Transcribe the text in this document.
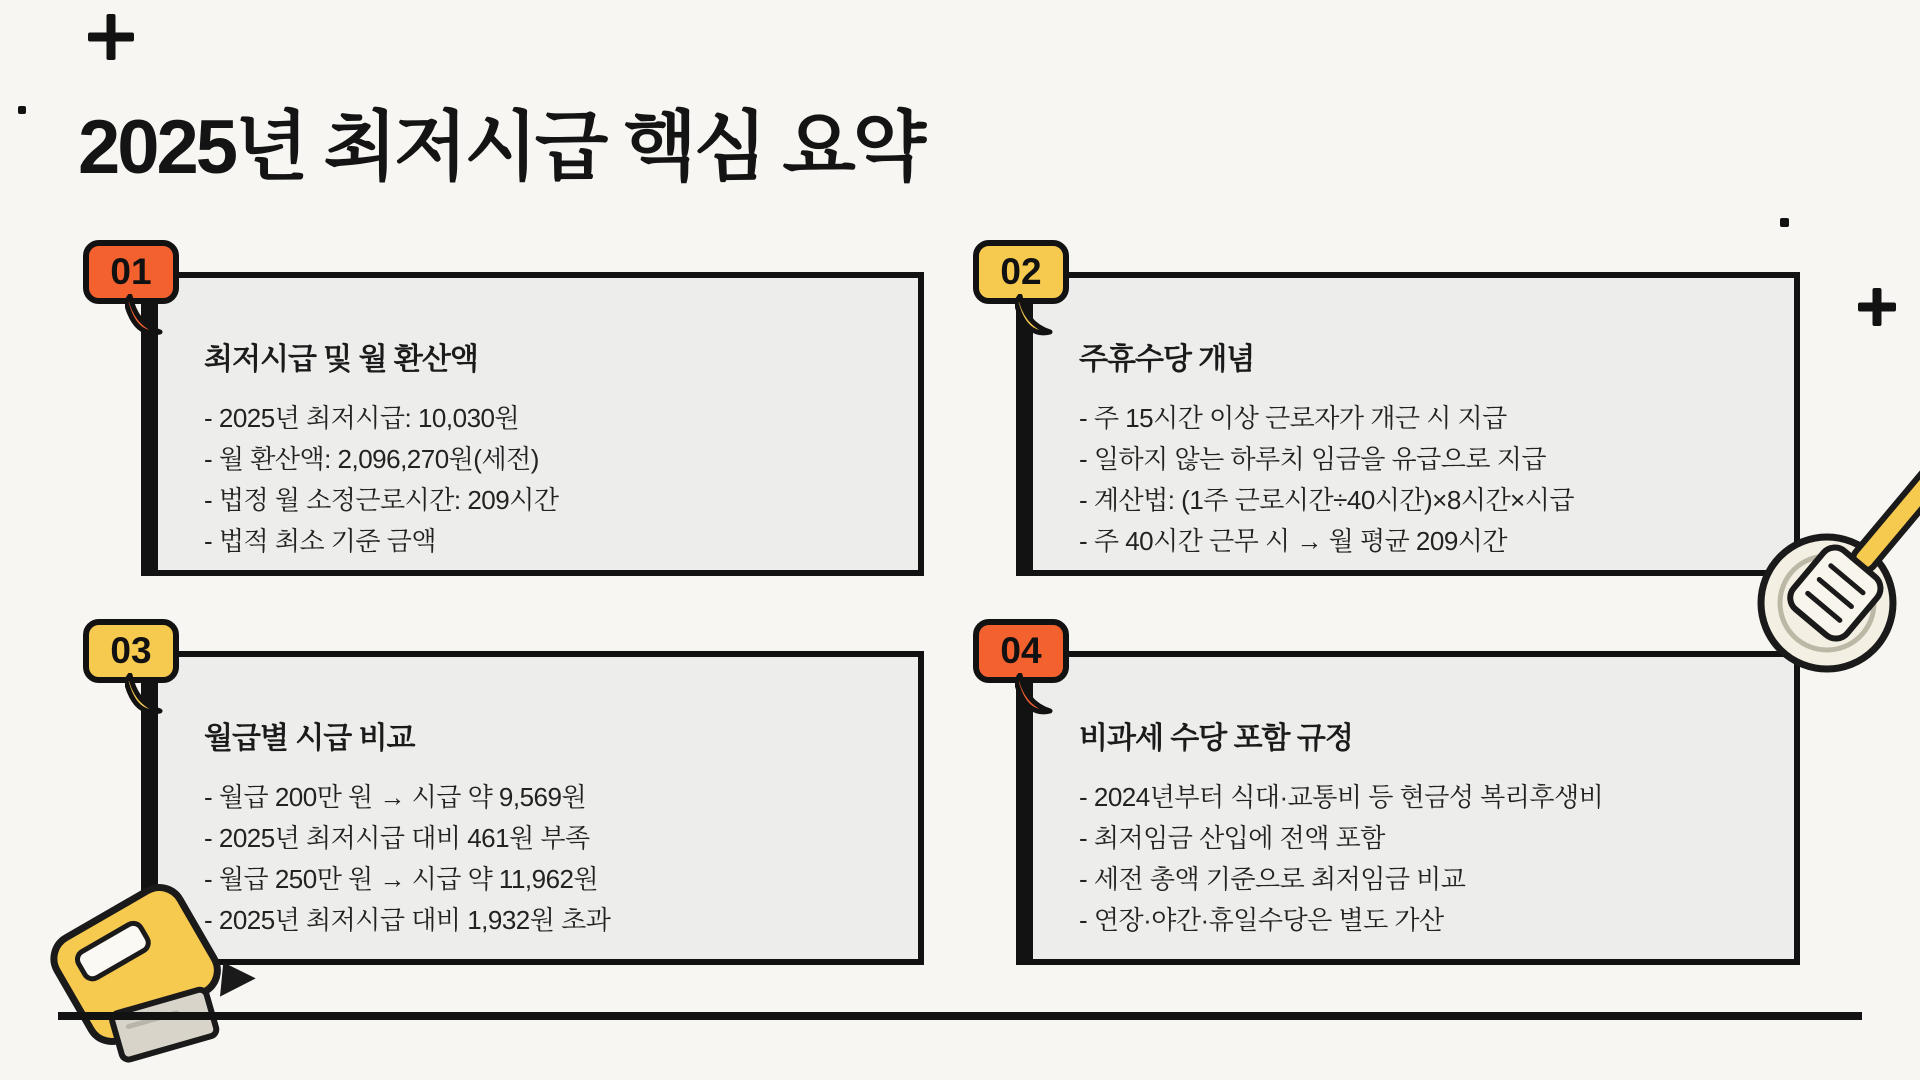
2025년 최저시급 핵심 요약
최저시급 및 월 환산액
- 2025년 최저시급: 10,030원
- 월 환산액: 2,096,270원(세전)
- 법정 월 소정근로시간: 209시간
- 법적 최소 기준 금액
주휴수당 개념
- 주 15시간 이상 근로자가 개근 시 지급
- 일하지 않는 하루치 임금을 유급으로 지급
- 계산법: (1주 근로시간÷40시간)×8시간×시급
- 주 40시간 근무 시 → 월 평균 209시간
월급별 시급 비교
- 월급 200만 원 → 시급 약 9,569원
- 2025년 최저시급 대비 461원 부족
- 월급 250만 원 → 시급 약 11,962원
- 2025년 최저시급 대비 1,932원 초과
비과세 수당 포함 규정
- 2024년부터 식대·교통비 등 현금성 복리후생비
- 최저임금 산입에 전액 포함
- 세전 총액 기준으로 최저임금 비교
- 연장·야간·휴일수당은 별도 가산
01	02
03	04
